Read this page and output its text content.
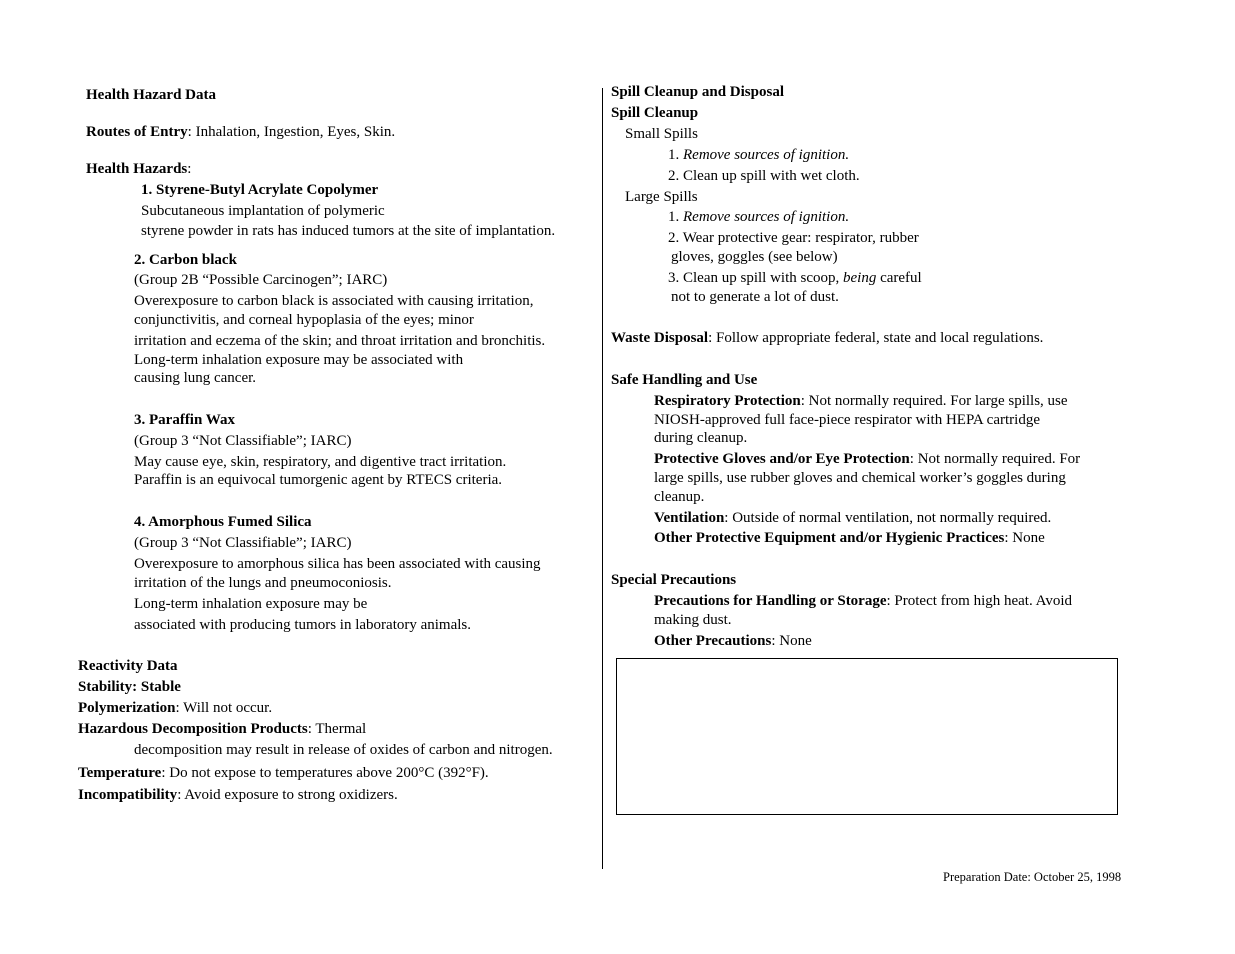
Health Hazard Data
Routes of Entry: Inhalation, Ingestion, Eyes, Skin.
Health Hazards:
1. Styrene-Butyl Acrylate Copolymer
Subcutaneous implantation of polymeric
styrene powder in rats has induced tumors at the site of implantation.
2. Carbon black
(Group 2B “Possible Carcinogen”; IARC)
Overexposure to carbon black is associated with causing irritation,
conjunctivitis, and corneal hypoplasia of the eyes; minor
irritation and eczema of the skin; and throat irritation and bronchitis.
Long-term inhalation exposure may be associated with
causing lung cancer.
3. Paraffin Wax
(Group 3 “Not Classifiable”; IARC)
May cause eye, skin, respiratory, and digentive tract irritation.
Paraffin is an equivocal tumorgenic agent by RTECS criteria.
4. Amorphous Fumed Silica
(Group 3 “Not Classifiable”; IARC)
Overexposure to amorphous silica has been associated with causing
irritation of the lungs and pneumoconiosis.
Long-term inhalation exposure may be
associated with producing tumors in laboratory animals.
Reactivity Data
Stability: Stable
Polymerization: Will not occur.
Hazardous Decomposition Products: Thermal
decomposition may result in release of oxides of carbon and nitrogen.
Temperature: Do not expose to temperatures above 200°C (392°F).
Incompatibility: Avoid exposure to strong oxidizers.
Spill Cleanup and Disposal
Spill Cleanup
Small Spills
1. Remove sources of ignition.
2. Clean up spill with wet cloth.
Large Spills
1. Remove sources of ignition.
2. Wear protective gear: respirator, rubber
gloves, goggles (see below)
3. Clean up spill with scoop, being careful
not to generate a lot of dust.
Waste Disposal: Follow appropriate federal, state and local regulations.
Safe Handling and Use
Respiratory Protection: Not normally required. For large spills, use
NIOSH-approved full face-piece respirator with HEPA cartridge
during cleanup.
Protective Gloves and/or Eye Protection: Not normally required. For
large spills, use rubber gloves and chemical worker’s goggles during
cleanup.
Ventilation: Outside of normal ventilation, not normally required.
Other Protective Equipment and/or Hygienic Practices: None
Special Precautions
Precautions for Handling or Storage: Protect from high heat. Avoid
making dust.
Other Precautions: None
Preparation Date: October 25, 1998
